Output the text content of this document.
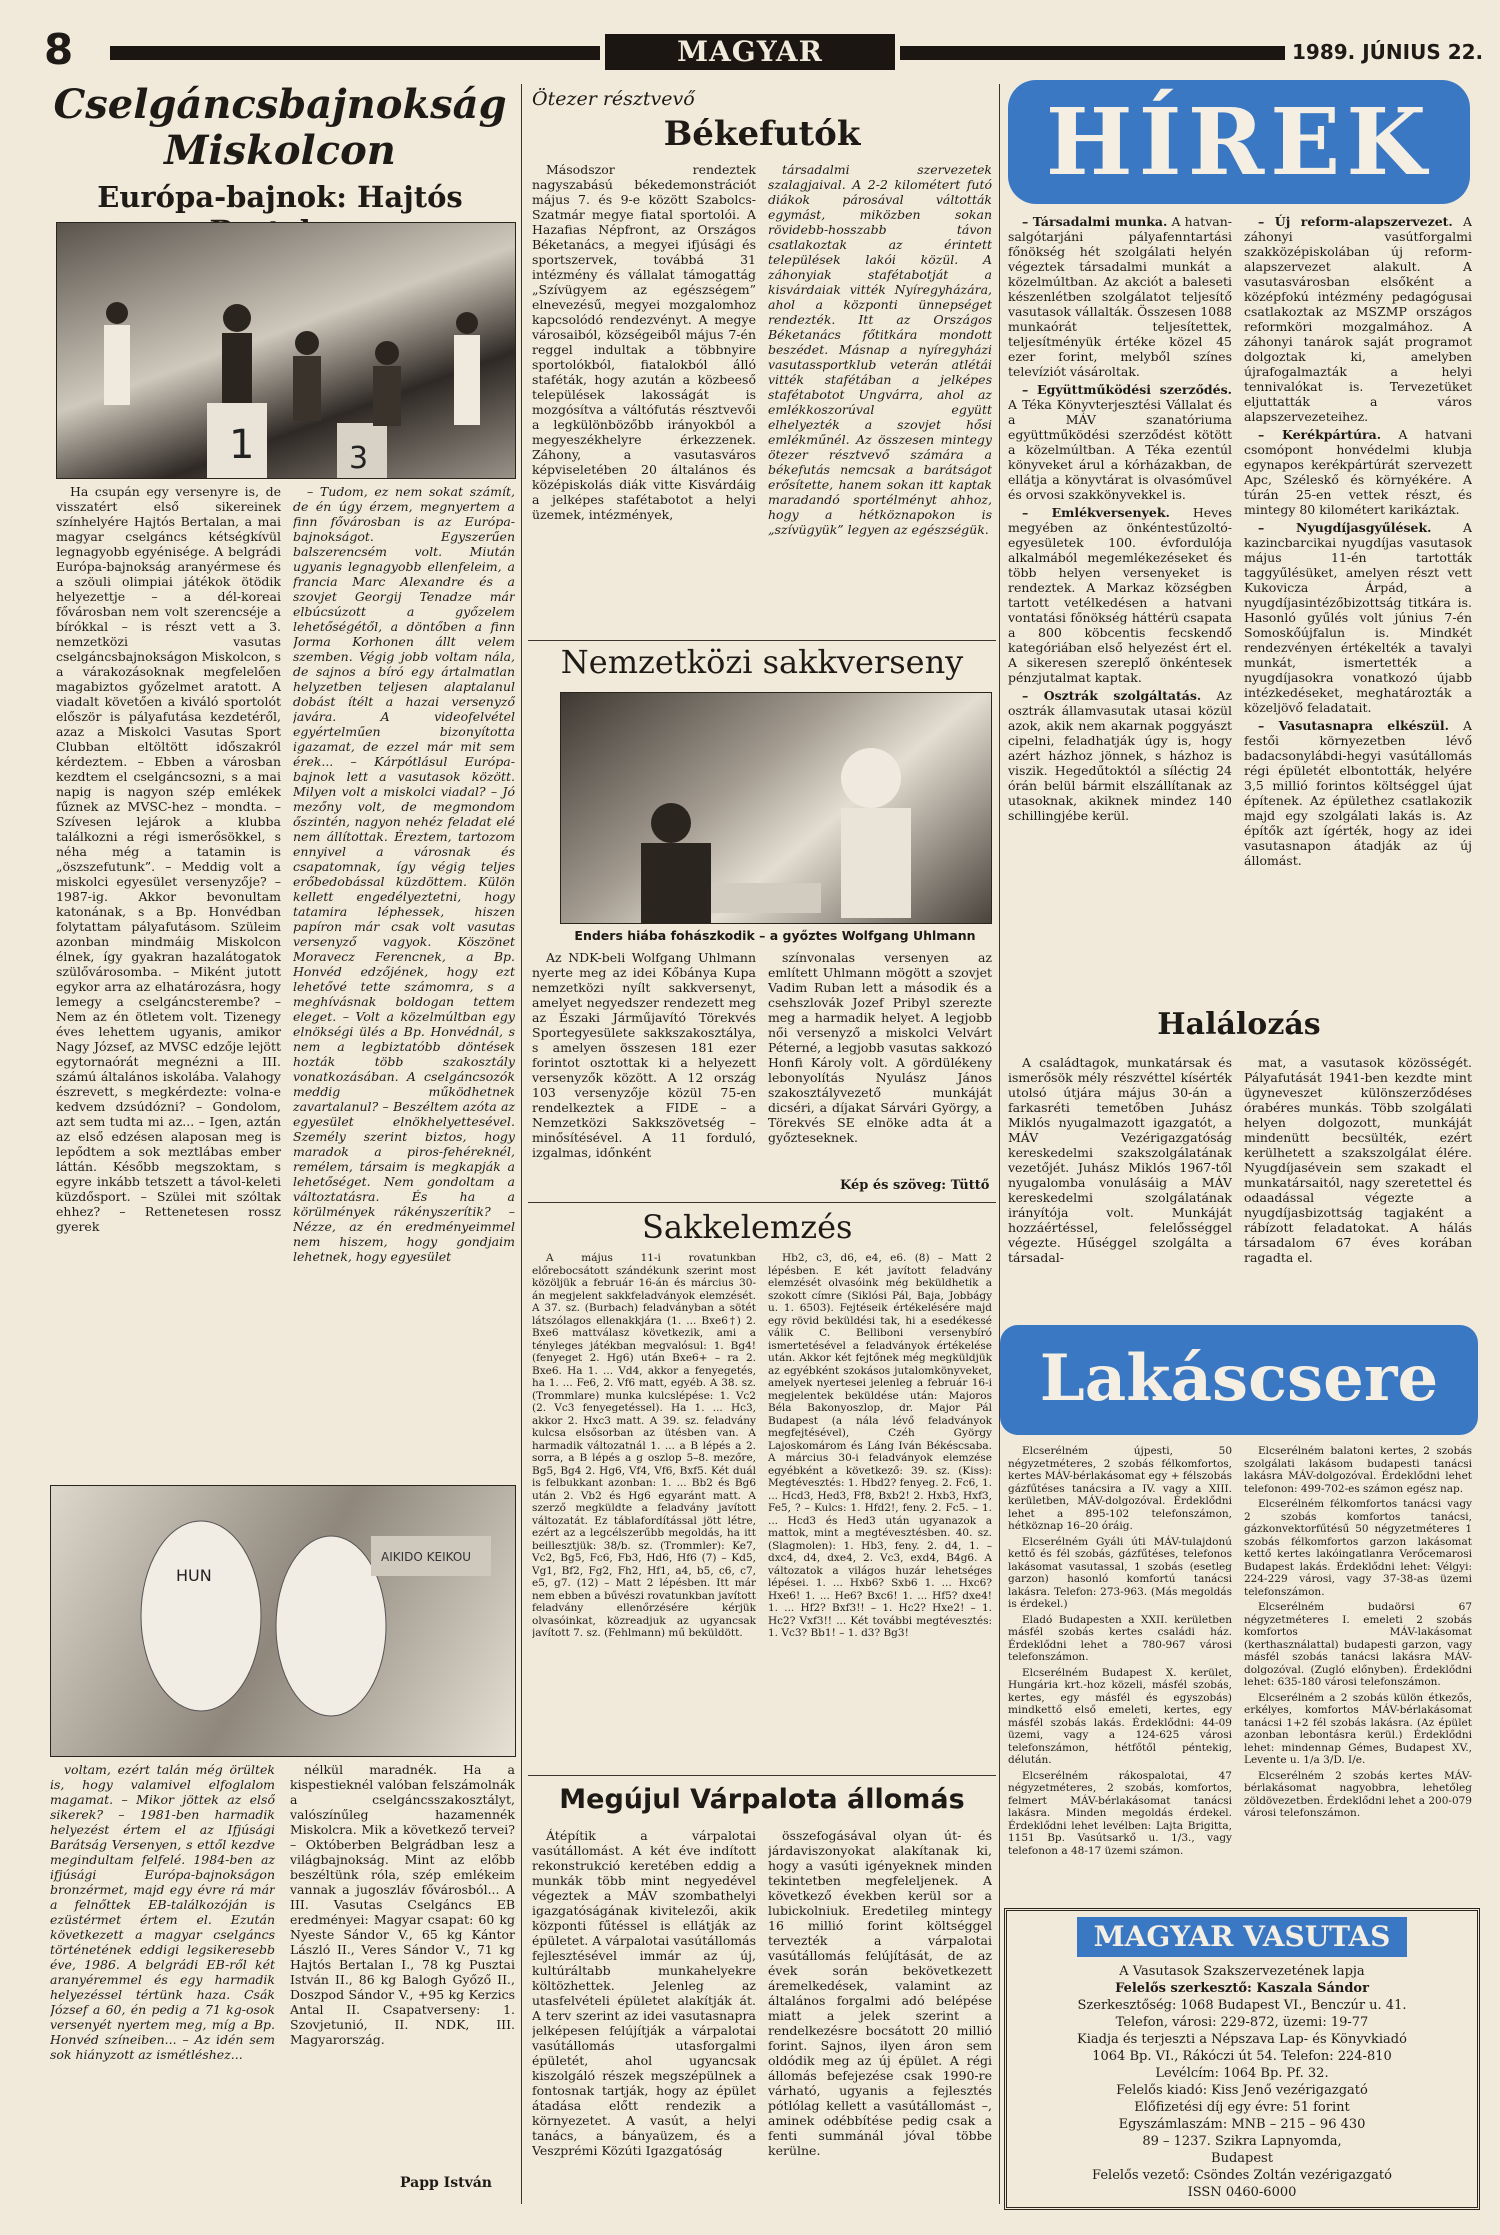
8	MAGYAR VASUTAS
1989. JÚNIUS 22.
Cselgáncsbajnokság
Miskolcon
Európa-bajnok: Hajtós
1	3

Ha csupán egy versenyre is, de visszatért első sikereinek színhelyére Hajtós Bertalan, a mai magyar cselgáncs kétségkívül legnagyobb egyénisége. A belgrádi Európa-bajnokság aranyérmese és a szöuli olimpiai játékok ötödik helyezettje – a dél-koreai fővárosban nem volt szerencséje a bírókkal – is részt vett a 3. nemzetközi vasutas cselgáncsbajnokságon Miskolcon, s a várakozásoknak megfelelően magabiztos győzelmet aratott. A viadalt követően a kiváló sportolót először is pályafutása kezdetéről, azaz a Miskolci Vasutas Sport Clubban eltöltött időszakról kérdeztem. – Ebben a városban kezdtem el cselgáncsozni, s a mai napig is nagyon szép emlékek fűznek az MVSC-hez – mondta. – Szívesen lejárok a klubba találkozni a régi ismerősökkel, s néha még a tatamin is „öszszefutunk”. – Meddig volt a miskolci egyesület versenyzője? – 1987-ig. Akkor bevonultam katonának, s a Bp. Honvédban folytattam pályafutásom. Szüleim azonban mindmáig Miskolcon élnek, így gyakran hazalátogatok szülővárosomba. – Miként jutott egykor arra az elhatározásra, hogy lemegy a cselgáncsterembe? – Nem az én ötletem volt. Tizenegy éves lehettem ugyanis, amikor Nagy József, az MVSC edzője lejött egytornaórát megnézni a III. számú általános iskolába. Valahogy észrevett, s megkérdezte: volna-e kedvem dzsúdózni? – Gondolom, azt sem tudta mi az... – Igen, aztán az első edzésen alaposan meg is lepődtem a sok meztlábas ember láttán. Később megszoktam, s egyre inkább tetszett a távol-keleti küzdősport. – Szülei mit szóltak ehhez? – Rettenetesen rossz gyerek

– Tudom, ez nem sokat számít, de én úgy érzem, megnyertem a finn fővárosban is az Európa-bajnokságot. Egyszerűen balszerencsém volt. Miután ugyanis legnagyobb ellenfeleim, a francia Marc Alexandre és a szovjet Georgij Tenadze már elbúcsúzott a győzelem lehetőségétől, a döntőben a finn Jorma Korhonen állt velem szemben. Végig jobb voltam nála, de sajnos a bíró egy ártalmatlan helyzetben teljesen alaptalanul dobást ítélt a hazai versenyző javára. A videofelvétel egyértelműen bizonyította igazamat, de ezzel már mit sem érek... – Kárpótlásul Európa-bajnok lett a vasutasok között. Milyen volt a miskolci viadal? – Jó mezőny volt, de megmondom őszintén, nagyon nehéz feladat elé nem állítottak. Éreztem, tartozom ennyivel a városnak és csapatomnak, így végig teljes erőbedobással küzdöttem. Külön kellett engedélyeztetni, hogy tatamira léphessek, hiszen papíron már csak volt vasutas versenyző vagyok. Köszönet Moravecz Ferencnek, a Bp. Honvéd edzőjének, hogy ezt lehetővé tette számomra, s a meghívásnak boldogan tettem eleget. – Volt a közelmúltban egy elnökségi ülés a Bp. Honvédnál, s nem a legbiztatóbb döntések hozták több szakosztály vonatkozásában. A cselgáncsozók meddig működhetnek zavartalanul? – Beszéltem azóta az egyesület elnökhelyettesével. Személy szerint biztos, hogy maradok a piros-fehéreknél, remélem, társaim is megkapják a lehetőséget. Nem gondoltam a változtatásra. És ha a körülmények rákényszerítik? – Nézze, az én eredményeimmel nem hiszem, hogy gondjaim lehetnek, hogy egyesület

HUN
AIKIDO KEIKOU

voltam, ezért talán még örültek is, hogy valamivel elfoglalom magamat. – Mikor jöttek az első sikerek? – 1981-ben harmadik helyezést értem el az Ifjúsági Barátság Versenyen, s ettől kezdve megindultam felfelé. 1984-ben az ifjúsági Európa-bajnokságon bronzérmet, majd egy évre rá már a felnőttek EB-találkozóján is ezüstérmet értem el. Ezután következett a magyar cselgáncs történetének eddigi legsikeresebb éve, 1986. A belgrádi EB-ről két aranyéremmel és egy harmadik helyezéssel tértünk haza. Csák József a 60, én pedig a 71 kg-osok versenyét nyertem meg, míg a Bp. Honvéd színeiben... – Az idén sem sok hiányzott az ismétléshez...

nélkül maradnék. Ha a kispestieknél valóban felszámolnák a cselgáncsszakosztályt, valószínűleg hazamennék Miskolcra. Mik a következő tervei? – Októberben Belgrádban lesz a világbajnokság. Mint az előbb beszéltünk róla, szép emlékeim vannak a jugoszláv fővárosból... A III. Vasutas Cselgáncs EB eredményei: Magyar csapat: 60 kg Nyeste Sándor V., 65 kg Kántor László II., Veres Sándor V., 71 kg Hajtós Bertalan I., 78 kg Pusztai István II., 86 kg Balogh Győző II., Doszpod Sándor V., +95 kg Kerzics Antal II. Csapatverseny: 1. Szovjetunió, II. NDK, III. Magyarország.

Papp István
Ötezer résztvevő
Békefutók

Másodszor rendeztek nagyszabású békedemonstrációt május 7. és 9-e között Szabolcs-Szatmár megye fiatal sportolói. A Hazafias Népfront, az Országos Béketanács, a megyei ifjúsági és sportszervek, továbbá 31 intézmény és vállalat támogattág „Szívügyem az egészségem” elnevezésű, megyei mozgalomhoz kapcsolódó rendezvényt. A megye városaiból, községeiből május 7-én reggel indultak a többnyire sportolókból, fiatalokból álló staféták, hogy azután a közbeeső települések lakosságát is mozgósítva a váltófutás résztvevői a legkülönbözőbb irányokból a megyeszékhelyre érkezzenek. Záhony, a vasutasváros képviseletében 20 általános és középiskolás diák vitte Kisvárdáig a jelképes stafétabotot a helyi üzemek, intézmények,

társadalmi szervezetek szalagjaival. A 2-2 kilométert futó diákok párosával váltották egymást, miközben sokan rövidebb-hosszabb távon csatlakoztak az érintett települések lakói közül. A záhonyiak stafétabotját a kisvárdaiak vitték Nyíregyházára, ahol a központi ünnepséget rendezték. Itt az Országos Béketanács főtitkára mondott beszédet. Másnap a nyíregyházi vasutassportklub veterán atlétái vitték stafétában a jelképes stafétabotot Ungvárra, ahol az emlékkoszorúval együtt elhelyezték a szovjet hősi emlékműnél. Az összesen mintegy ötezer résztvevő számára a békefutás nemcsak a barátságot erősítette, hanem sokan itt kaptak maradandó sportélményt ahhoz, hogy a hétköznapokon is „szívügyük” legyen az egészségük.

Nemzetközi sakkverseny
Enders hiába fohászkodik – a győztes Wolfgang Uhlmann

Az NDK-beli Wolfgang Uhlmann nyerte meg az idei Kőbánya Kupa nemzetközi nyílt sakkversenyt, amelyet negyedszer rendezett meg az Északi Járműjavító Törekvés Sportegyesülete sakkszakosztálya, s amelyen összesen 181 ezer forintot osztottak ki a helyezett versenyzők között. A 12 ország 103 versenyzője közül 75-en rendelkeztek a FIDE – a Nemzetközi Sakkszövetség – minősítésével. A 11 forduló, izgalmas, időnként

színvonalas versenyen az említett Uhlmann mögött a szovjet Vadim Ruban lett a második és a csehszlovák Jozef Pribyl szerezte meg a harmadik helyet. A legjobb női versenyző a miskolci Velvárt Péterné, a legjobb vasutas sakkozó Honfi Károly volt. A gördülékeny lebonyolítás Nyulász János szakosztályvezető munkáját dicséri, a díjakat Sárvári György, a Törekvés SE elnöke adta át a győzteseknek.

Kép és szöveg: Tüttő
Sakkelemzés

A május 11-i rovatunkban előrebocsátott szándékunk szerint most közöljük a február 16-án és március 30-án megjelent sakkfeladványok elemzését. A 37. sz. (Burbach) feladványban a sötét látszólagos ellenakkjára (1. ... Bxe6†) 2. Bxe6 mattválasz következik, ami a tényleges játékban megvalósul: 1. Bg4! (fenyeget 2. Hg6) után Bxe6+ – ra 2. Bxe6. Ha 1. ... Vd4, akkor a fenyegetés, ha 1. ... Fe6, 2. Vf6 matt, egyéb. A 38. sz. (Trommlare) munka kulcslépése: 1. Vc2 (2. Vc3 fenyegetéssel). Ha 1. ... Hc3, akkor 2. Hxc3 matt. A 39. sz. feladvány kulcsa elsősorban az ütésben van. A harmadik változatnál 1. ... a B lépés a 2. sorra, a B lépés a g oszlop 5–8. mezőre, Bg5, Bg4 2. Hg6, Vf4, Vf6, Bxf5. Két duál is felbukkant azonban: 1. ... Bb2 és Bg6 után 2. Vb2 és Hg6 egyaránt matt. A szerző megküldte a feladvány javított változatát. Ez táblafordítással jött létre, ezért az a legcélszerűbb megoldás, ha itt beillesztjük: 38/b. sz. (Trommler): Ke7, Vc2, Bg5, Fc6, Fb3, Hd6, Hf6 (7) – Kd5, Vg1, Bf2, Fg2, Fh2, Hf1, a4, b5, c6, c7, e5, g7. (12) – Matt 2 lépésben. Itt már nem ebben a bűvészi rovatunkban javított feladvány ellenőrzésére kérjük olvasóinkat, közreadjuk az ugyancsak javított 7. sz. (Fehlmann) mű beküldött.

Hb2, c3, d6, e4, e6. (8) – Matt 2 lépésben. E két javított feladvány elemzését olvasóink még beküldhetik a szokott címre (Siklósi Pál, Baja, Jobbágy u. 1. 6503). Fejtéseik értékelésére majd egy rövid beküldési tak, hi a esedékessé válik C. Belliboni versenybíró ismertetésével a feladványok értékelése után. Akkor két fejtőnek még megküldjük az egyébként szokásos jutalomkönyveket, amelyek nyertesei jelenleg a február 16-i megjelentek beküldése után: Majoros Béla Bakonyoszlop, dr. Major Pál Budapest (a nála lévő feladványok megfejtésével), Czéh György Lajoskomárom és Láng Iván Békéscsaba. A március 30-i feladványok elemzése egyébként a következő: 39. sz. (Kiss): Megtévesztés: 1. Hbd2? fenyeg. 2. Fc6, 1. ... Hcd3, Hed3, Ff8, Bxb2! 2. Hxb3, Hxf3, Fe5, ? – Kulcs: 1. Hfd2!, feny. 2. Fc5. – 1. ... Hcd3 és Hed3 után ugyanazok a mattok, mint a megtévesztésben. 40. sz. (Slagmolen): 1. Hb3, feny. 2. d4, 1. – dxc4, d4, dxe4, 2. Vc3, exd4, B4g6. A változatok a világos huzár lehetséges lépései. 1. ... Hxb6? Sxb6 1. ... Hxc6? Hxe6! 1. ... He6? Bxc6! 1. ... Hf5? dxe4! 1. ... Hf2? Bxf3!! – 1. Hc2? Hxe2! – 1. Hc2? Vxf3!! ... Két további megtévesztés: 1. Vc3? Bb1! – 1. d3? Bg3!

Megújul Várpalota állomás

Átépítik a várpalotai vasútállomást. A két éve indított rekonstrukció keretében eddig a munkák több mint negyedével végeztek a MÁV szombathelyi igazgatóságának kivitelezői, akik központi fűtéssel is ellátják az épületet. A várpalotai vasútállomás fejlesztésével immár az új, kultúráltabb munkahelyekre költözhettek. Jelenleg az utasfelvételi épületet alakítják át. A terv szerint az idei vasutasnapra jelképesen felújítják a várpalotai vasútállomás utasforgalmi épületét, ahol ugyancsak kiszolgáló részek megszépülnek a fontosnak tartják, hogy az épület átadása előtt rendezik a környezetet. A vasút, a helyi tanács, a bányaüzem, és a Veszprémi Közúti Igazgatóság

összefogásával olyan út- és járdaviszonyokat alakítanak ki, hogy a vasúti igényeknek minden tekintetben megfeleljenek. A következő években kerül sor a lubickolniuk. Eredetileg mintegy 16 millió forint költséggel tervezték a várpalotai vasútállomás felújítását, de az évek során bekövetkezett áremelkedések, valamint az általános forgalmi adó belépése miatt a jelek szerint a rendelkezésre bocsátott 20 millió forint. Sajnos, ilyen áron sem oldódik meg az új épület. A régi állomás befejezése csak 1990-re várható, ugyanis a fejlesztés pótlólag kellett a vasútállomást –, aminek odébbítése pedig csak a fenti summánál jóval többe kerülne.

HÍREK

– Társadalmi munka. A hatvan-salgótarjáni pályafenntartási főnökség hét szolgálati helyén végeztek társadalmi munkát a közelmúltban. Az akciót a baleseti készenlétben szolgálatot teljesítő vasutasok vállalták. Összesen 1088 munkaórát teljesítettek, teljesítményük értéke közel 45 ezer forint, melyből színes televíziót vásároltak.

– Együttműködési szerződés. A Téka Könyvterjesztési Vállalat és a MÁV szanatóriuma együttműködési szerződést kötött a közelmúltban. A Téka ezentúl könyveket árul a kórházakban, de ellátja a könyvtárat is olvasóművel és orvosi szakkönyvekkel is.

– Emlékversenyek. Heves megyében az önkéntestűzoltó-egyesületek 100. évfordulója alkalmából megemlékezéseket és több helyen versenyeket is rendeztek. A Markaz községben tartott vetélkedésen a hatvani vontatási főnökség háttérü csapata a 800 köbcentis fecskendő kategóriában első helyezést ért el. A sikeresen szereplő önkéntesek pénzjutalmat kaptak.

– Osztrák szolgáltatás. Az osztrák államvasutak utasai közül azok, akik nem akarnak poggyászt cipelni, feladhatják úgy is, hogy azért házhoz jönnek, s házhoz is viszik. Hegedűtoktól a síléctig 24 órán belül bármit elszállítanak az utasoknak, akiknek mindez 140 schillingjébe kerül.

– Új reform-alapszervezet. A záhonyi vasútforgalmi szakközépiskolában új reform-alapszervezet alakult. A vasutasvárosban elsőként a középfokú intézmény pedagógusai csatlakoztak az MSZMP országos reformköri mozgalmához. A záhonyi tanárok saját programot dolgoztak ki, amelyben újrafogalmazták a helyi tennivalókat is. Tervezetüket eljuttatták a város alapszervezeteihez.

– Kerékpártúra. A hatvani csomópont honvédelmi klubja egynapos kerékpártúrát szervezett Apc, Széleskő és környékére. A túrán 25-en vettek részt, és mintegy 80 kilométert karikáztak.

– Nyugdíjasgyűlések.	A kazincbarcikai nyugdíjas vasutasok május 11-én tartották taggyűlésüket, amelyen részt vett Kukovicza Árpád, a nyugdíjasintézőbizottság titkára is. Hasonló gyűlés volt június 7-én Somoskőújfalun is. Mindkét rendezvényen értékelték a tavalyi munkát, ismertették a nyugdíjasokra vonatkozó újabb intézkedéseket, meghatározták a közeljövő feladatait.

– Vasutasnapra elkészül. A festői környezetben lévő badacsonylábdi-hegyi vasútállomás régi épületét elbontották, helyére 3,5 millió forintos költséggel újat építenek. Az épülethez csatlakozik majd egy szolgálati lakás is. Az építők azt ígérték, hogy az idei vasutasnapon átadják az új állomást.

Halálozás

A családtagok, munkatársak és ismerősök mély részvéttel kísérték utolsó útjára május 30-án a farkasréti temetőben Juhász Miklós nyugalmazott igazgatót, a MÁV Vezérigazgatóság kereskedelmi szakszolgálatának vezetőjét. Juhász Miklós 1967-től nyugalomba vonulásáig a MÁV kereskedelmi szolgálatának irányítója volt. Munkáját hozzáértéssel, felelősséggel végezte. Hűséggel szolgálta a társadal-

mat, a vasutasok közösségét. Pályafutását 1941-ben kezdte mint ügyneveszet különszerződéses órabéres munkás. Több szolgálati helyen dolgozott, munkáját mindenütt becsülték, ezért kerülhetett a szakszolgálat élére. Nyugdíjasévein sem szakadt el munkatársaitól, nagy szeretettel és odaadással végezte a nyugdíjasbizottság tagjaként a rábízott feladatokat. A hálás társadalom 67 éves korában ragadta el.

Lakáscsere

Elcserélném újpesti, 50 négyzetméteres, 2 szobás félkomfortos, kertes MÁV-bérlakásomat egy + félszobás gázfűtéses tanácsira a IV. vagy a XIII. kerületben, MÁV-dolgozóval. Érdeklődni lehet a 895-102 telefonszámon, hétköznap 16–20 óráig.

Elcserélném Gyáli úti MÁV-tulajdonú kettő és fél szobás, gázfűtéses, telefonos lakásomat vasutassal, 1 szobás (esetleg garzon) hasonló komfortú tanácsi lakásra. Telefon: 273-963. (Más megoldás is érdekel.)

Eladó Budapesten a XXII. kerületben másfél szobás kertes családi ház. Érdeklődni lehet a 780-967 városi telefonszámon.

Elcserélném Budapest X. kerület, Hungária krt.-hoz közeli, másfél szobás, kertes, egy másfél és egyszobás) mindkettő első emeleti, kertes, egy másfél szobás lakás. Érdeklődni: 44-09 üzemi, vagy a 124-625 városi telefonszámon, hétfőtől péntekig, délután.

Elcserélném rákospalotai, 47 négyzetméteres, 2 szobás, komfortos, felmert MÁV-bérlakásomat tanácsi lakásra. Minden megoldás érdekel. Érdeklődni lehet levélben: Lajta Brigitta, 1151 Bp. Vasútsarkő u. 1/3., vagy telefonon a 48-17 üzemi számon.

Elcserélném balatoni kertes, 2 szobás szolgálati lakásom budapesti tanácsi lakásra MÁV-dolgozóval. Érdeklődni lehet telefonon: 499-702-es számon egész nap.

Elcserélném félkomfortos tanácsi vagy 2 szobás komfortos tanácsi, gázkonvektorfűtésű 50 négyzetméteres 1 szobás félkomfortos garzon lakásomat kettő kertes lakóingatlanra Verőcemarosi Budapest lakás. Érdeklődni lehet: Vélgyi: 224-229 városi, vagy 37-38-as üzemi telefonszámon.

Elcserélném budaörsi 67 négyzetméteres I. emeleti 2 szobás komfortos MÁV-lakásomat (kerthasználattal) budapesti garzon, vagy másfél szobás tanácsi lakásra MÁV-dolgozóval. (Zugló előnyben). Érdeklődni lehet: 635-180 városi telefonszámon.

Elcserélném a 2 szobás külön étkezős, erkélyes, komfortos MÁV-bérlakásomat tanácsi 1+2 fél szobás lakásra. (Az épület azonban lebontásra kerül.) Érdeklődni lehet: mindennap Gémes, Budapest XV., Levente u. 1/a 3/D. I/e.

Elcserélném 2 szobás kertes MÁV-bérlakásomat nagyobbra, lehetőleg zöldövezetben. Érdeklődni lehet a 200-079 városi telefonszámon.

MAGYAR VASUTAS
A Vasutasok Szakszervezetének lapja
Felelős szerkesztő: Kaszala Sándor
Szerkesztőség: 1068 Budapest VI., Benczúr u. 41.
Telefon, városi: 229-872, üzemi: 19-77
Kiadja és terjeszti a Népszava Lap- és Könyvkiadó
1064 Bp. VI., Rákóczi út 54. Telefon: 224-810
Levélcím: 1064 Bp. Pf. 32.
Felelős kiadó: Kiss Jenő vezérigazgató
Előfizetési díj egy évre: 51 forint
Egyszámlaszám: MNB – 215 – 96 430
89 – 1237. Szikra Lapnyomda,
Budapest
Felelős vezető: Csöndes Zoltán vezérigazgató
ISSN 0460-6000
